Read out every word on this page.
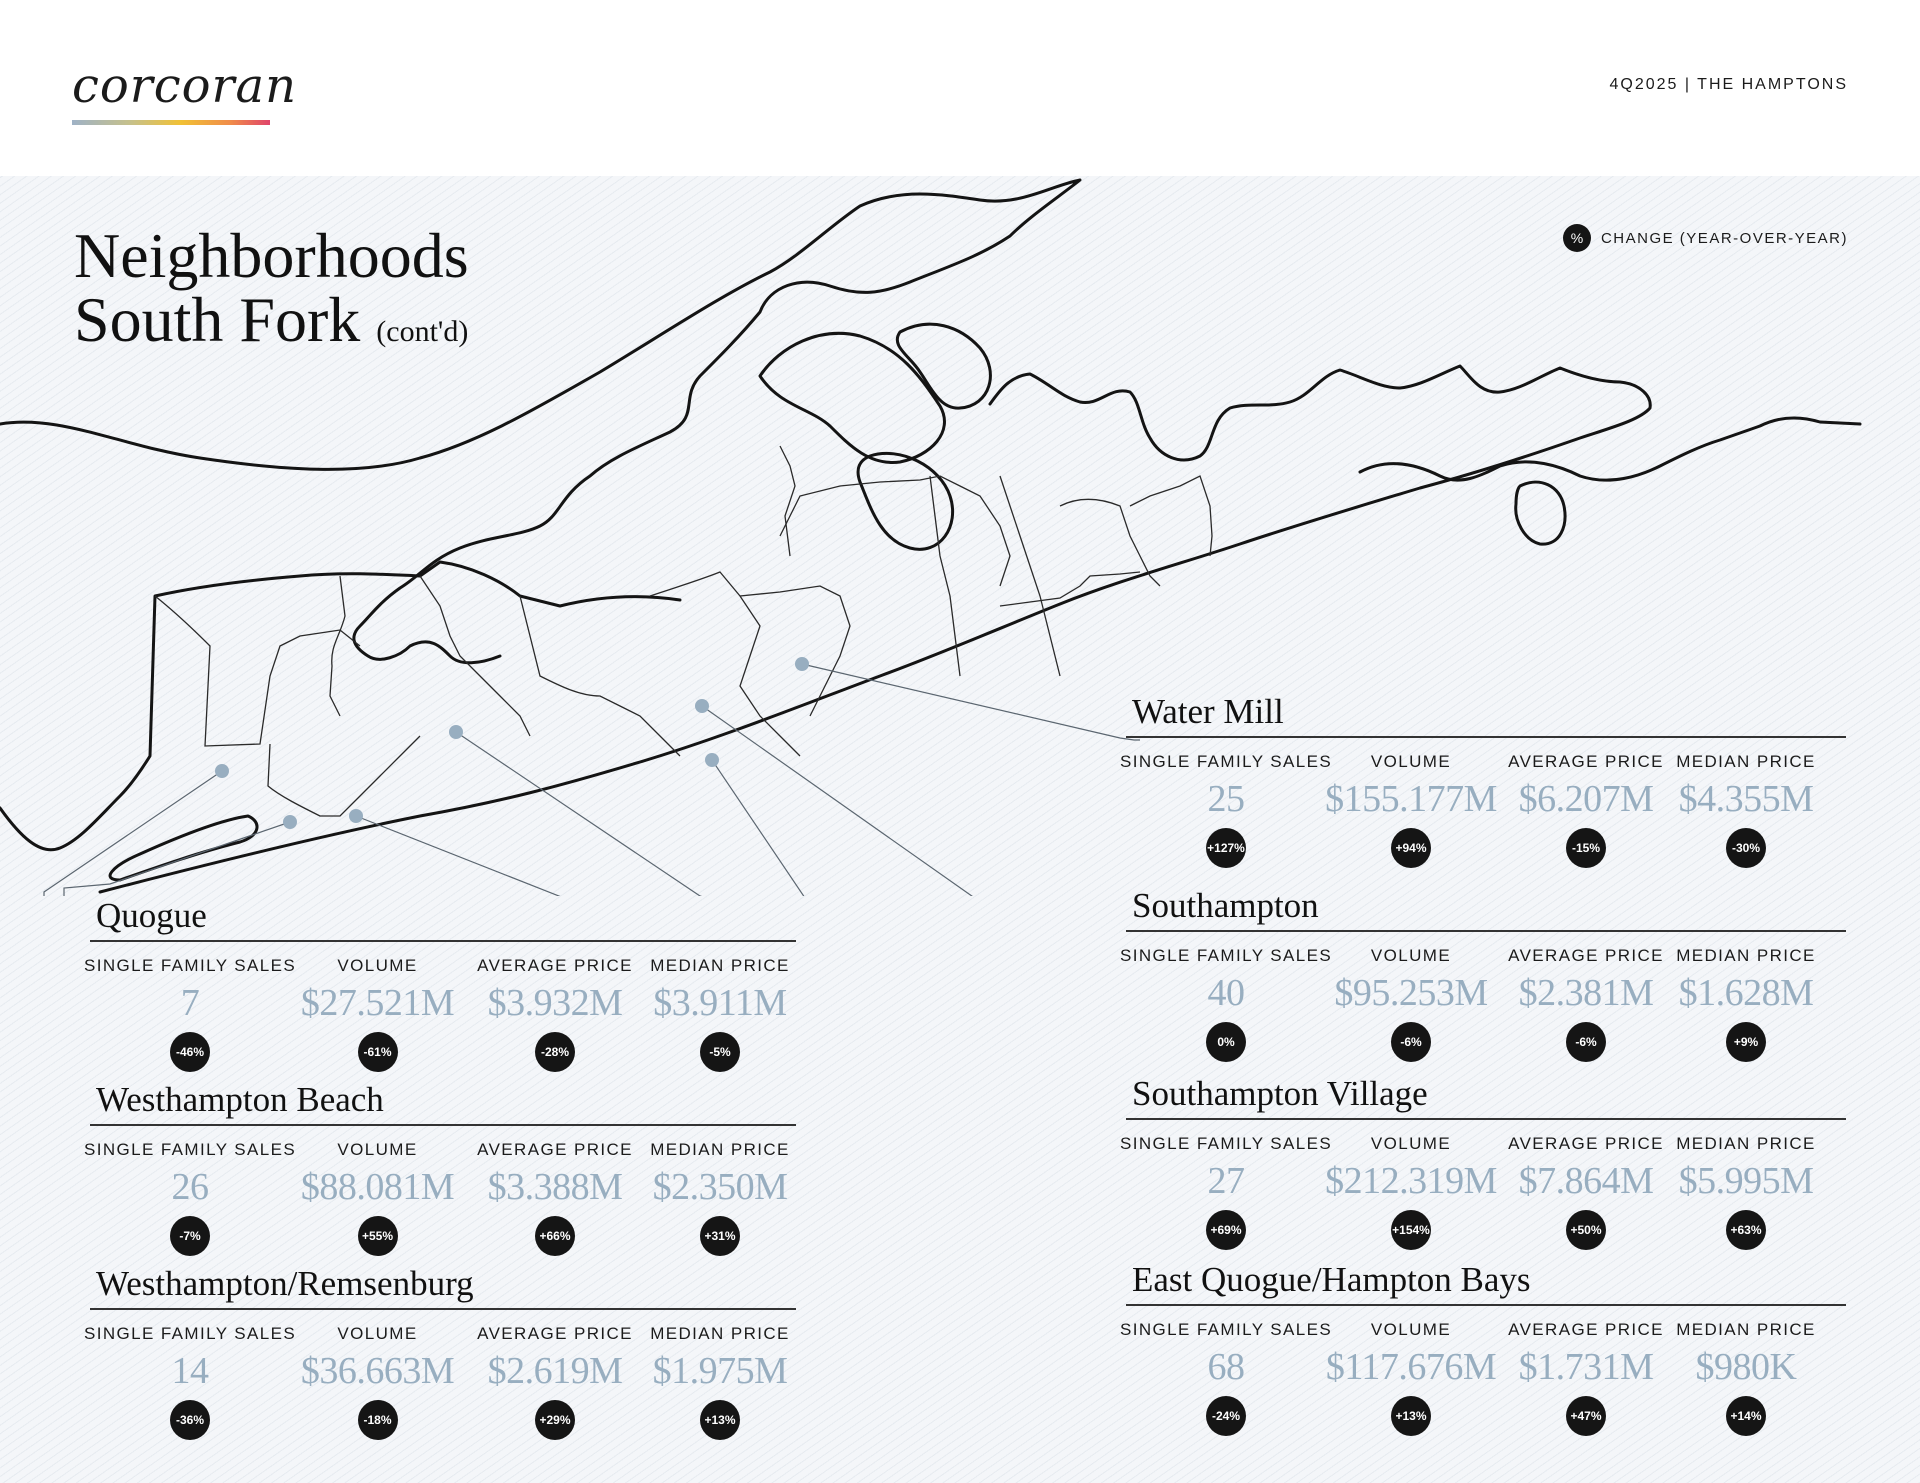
corcoran	4Q2025 | THE HAMPTONS
Neighborhoods
South Fork (cont'd)
%	CHANGE (YEAR-OVER-YEAR)
Quogue
SINGLE FAMILY SALES
7
-46%
VOLUME
$27.521M
-61%
AVERAGE PRICE
$3.932M
-28%
MEDIAN PRICE
$3.911M
-5%
Westhampton Beach
SINGLE FAMILY SALES
26
-7%
VOLUME
$88.081M
+55%
AVERAGE PRICE
$3.388M
+66%
MEDIAN PRICE
$2.350M
+31%
Westhampton/Remsenburg
SINGLE FAMILY SALES
14
-36%
VOLUME
$36.663M
-18%
AVERAGE PRICE
$2.619M
+29%
MEDIAN PRICE
$1.975M
+13%
Water Mill
SINGLE FAMILY SALES
25
+127%
VOLUME
$155.177M
+94%
AVERAGE PRICE
$6.207M
-15%
MEDIAN PRICE
$4.355M
-30%
Southampton
SINGLE FAMILY SALES
40
0%
VOLUME
$95.253M
-6%
AVERAGE PRICE
$2.381M
-6%
MEDIAN PRICE
$1.628M
+9%
Southampton Village
SINGLE FAMILY SALES
27
+69%
VOLUME
$212.319M
+154%
AVERAGE PRICE
$7.864M
+50%
MEDIAN PRICE
$5.995M
+63%
East Quogue/Hampton Bays
SINGLE FAMILY SALES
68
-24%
VOLUME
$117.676M
+13%
AVERAGE PRICE
$1.731M
+47%
MEDIAN PRICE
$980K
+14%
